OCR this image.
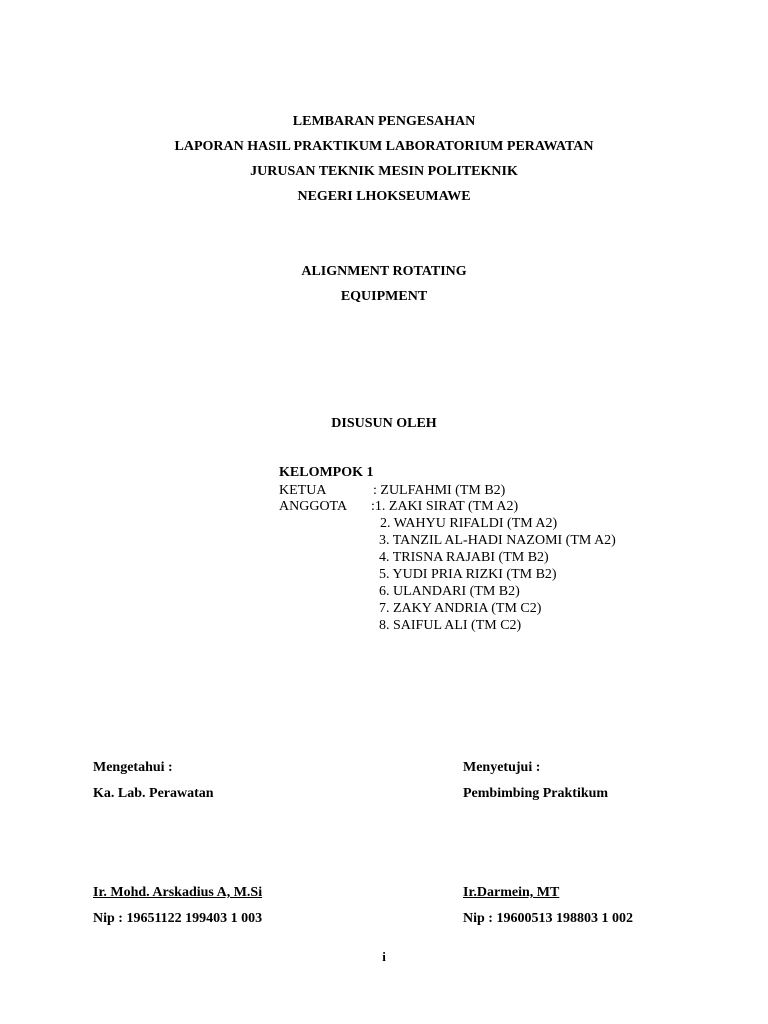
LEMBARAN PENGESAHAN
LAPORAN HASIL PRAKTIKUM LABORATORIUM PERAWATAN
JURUSAN TEKNIK MESIN POLITEKNIK
NEGERI LHOKSEUMAWE
ALIGNMENT ROTATING
EQUIPMENT
DISUSUN OLEH
KELOMPOK 1
KETUA	: ZULFAHMI (TM B2)
ANGGOTA :1. ZAKI SIRAT (TM A2)
2. WAHYU RIFALDI (TM A2)
3. TANZIL AL-HADI NAZOMI (TM A2)
4. TRISNA RAJABI (TM B2)
5. YUDI PRIA RIZKI (TM B2)
6. ULANDARI (TM B2)
7. ZAKY ANDRIA (TM C2)
8. SAIFUL ALI (TM C2)
Mengetahui :
Ka. Lab. Perawatan
Ir. Mohd. Arskadius A, M.Si
Nip : 19651122 199403 1 003
Menyetujui :
Pembimbing Praktikum
Ir.Darmein, MT
Nip : 19600513 198803 1 002
i
